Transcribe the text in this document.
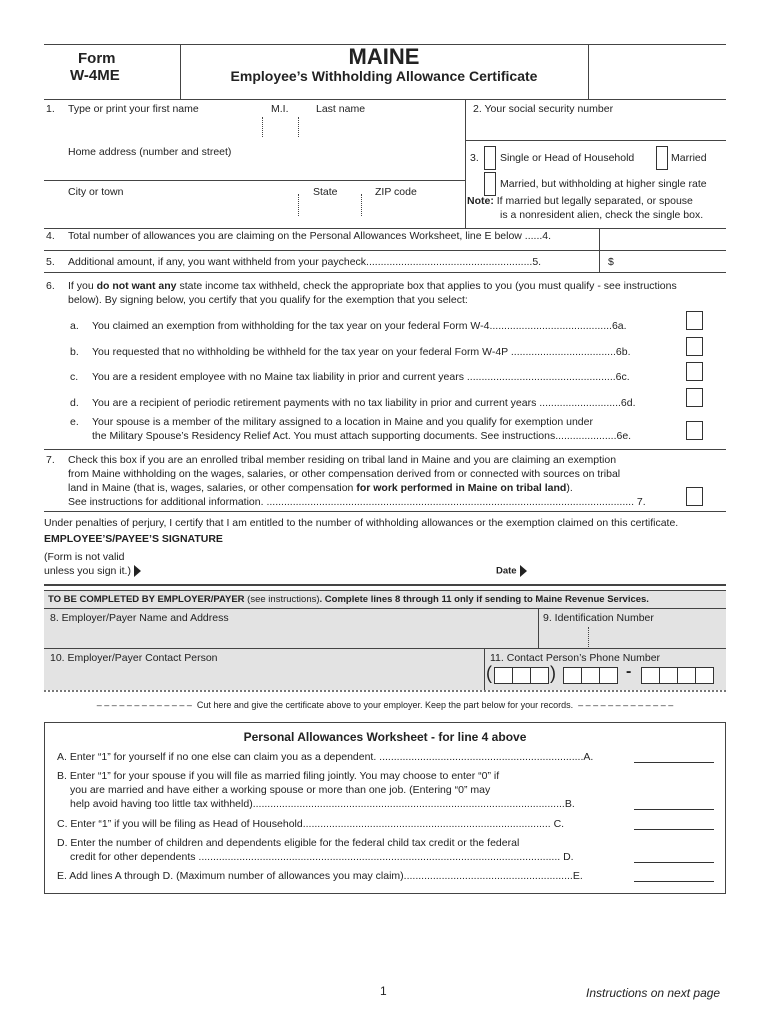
Form
W-4ME
MAINE
Employee’s Withholding Allowance Certificate
1. Type or print your first name	M.I.	Last name	2. Your social security number
Home address (number and street)
City or town	State	ZIP code
3. Single or Head of Household	Married
Married, but withholding at higher single rate
Note: If married but legally separated, or spouse
is a nonresident alien, check the single box.
4. Total number of allowances you are claiming on the Personal Allowances Worksheet, line E below ......4.
5. Additional amount, if any, you want withheld from your paycheck.........................................................5.	$
6. If you do not want any state income tax withheld, check the appropriate box that applies to you (you must qualify - see instructions
below). By signing below, you certify that you qualify for the exemption that you select:
a. You claimed an exemption from withholding for the tax year on your federal Form W-4..........................................6a.
b. You requested that no withholding be withheld for the tax year on your federal Form W-4P ....................................6b.
c. You are a resident employee with no Maine tax liability in prior and current years ...................................................6c.
d. You are a recipient of periodic retirement payments with no tax liability in prior and current years ............................6d.
e. Your spouse is a member of the military assigned to a location in Maine and you qualify for exemption under
the Military Spouse’s Residency Relief Act. You must attach supporting documents. See instructions.....................6e.
7. Check this box if you are an enrolled tribal member residing on tribal land in Maine and you are claiming an exemption
from Maine withholding on the wages, salaries, or other compensation derived from or connected with sources on tribal
land in Maine (that is, wages, salaries, or other compensation for work performed in Maine on tribal land).
See instructions for additional information. .............................................................................................................................. 7.
Under penalties of perjury, I certify that I am entitled to the number of withholding allowances or the exemption claimed on this certificate.
EMPLOYEE’S/PAYEE’S SIGNATURE
(Form is not valid
unless you sign it.)	Date
TO BE COMPLETED BY EMPLOYER/PAYER (see instructions). Complete lines 8 through 11 only if sending to Maine Revenue Services.
8. Employer/Payer Name and Address	9. Identification Number
10. Employer/Payer Contact Person	11. Contact Person’s Phone Number
(	)	-
– – – – – – – – – – – – – Cut here and give the certificate above to your employer. Keep the part below for your records. – – – – – – – – – – – – –
Personal Allowances Worksheet - for line 4 above
A. Enter “1” for yourself if no one else can claim you as a dependent. ......................................................................A.
B. Enter “1” for your spouse if you will file as married filing jointly. You may choose to enter “0” if
you are married and have either a working spouse or more than one job. (Entering “0” may
help avoid having too little tax withheld)...........................................................................................................B.
C. Enter “1” if you will be filing as Head of Household..................................................................................... C.
D. Enter the number of children and dependents eligible for the federal child tax credit or the federal
credit for other dependents ............................................................................................................................ D.
E. Add lines A through D. (Maximum number of allowances you may claim)..........................................................E.
1	Instructions on next page
